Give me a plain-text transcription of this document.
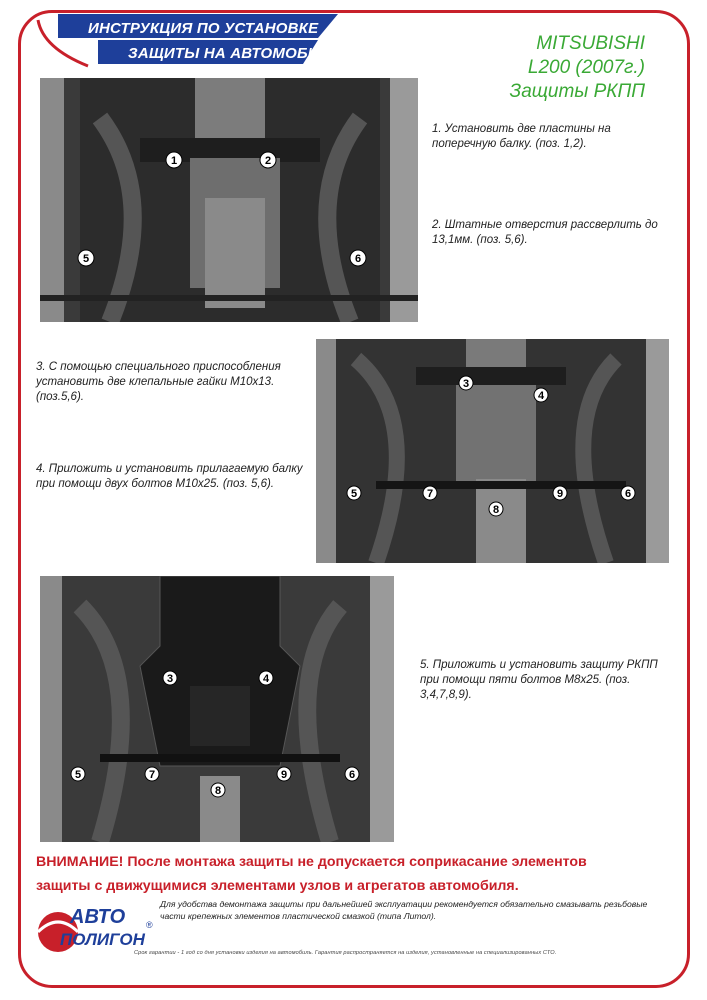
ИНСТРУКЦИЯ ПО УСТАНОВКЕ
ЗАЩИТЫ НА АВТОМОБИЛЬ	MITSUBISHI
L200 (2007г.)
Защиты РКПП
1	2
5	6
1. Установить две пластины на поперечную балку. (поз. 1,2).
2. Штатные отверстия рассверлить до 13,1мм. (поз. 5,6).
3
4
5	7
8
9	6
3. С помощью специального приспособления установить две клепальные гайки М10х13. (поз.5,6).
4. Приложить и установить прилагаемую балку при помощи двух болтов М10х25. (поз. 5,6).
3	4
5	7
8
9	6
5. Приложить и установить защиту РКПП при помощи пяти болтов М8х25. (поз. 3,4,7,8,9).
ВНИМАНИЕ! После монтажа защиты не допускается соприкасание элементов
защиты с движущимися элементами узлов и агрегатов автомобиля.
Для удобства демонтажа защиты при дальнейшей эксплуатации рекомендуется обязательно смазывать резьбовые части крепежных элементов пластической смазкой (типа Литол).
АВТО
ПОЛИГОН
®
Срок гарантии - 1 год со дня установки изделия на автомобиль. Гарантия распространяется на изделия, установленные на специализированных СТО.
